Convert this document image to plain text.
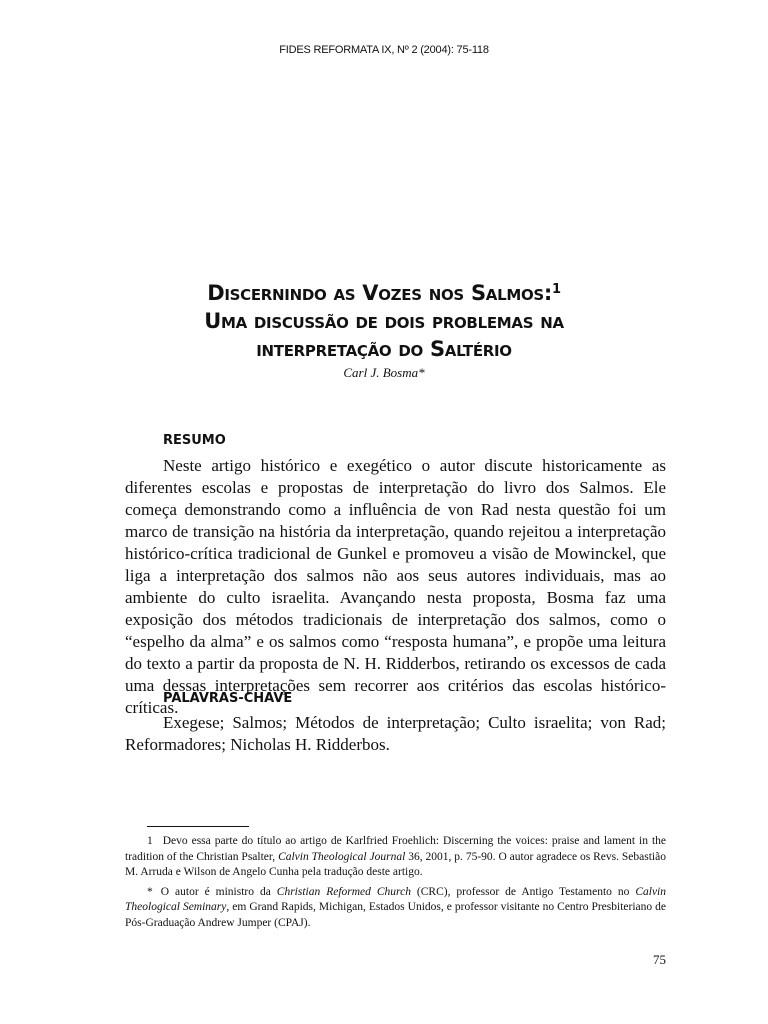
FIDES REFORMATA IX, Nº 2 (2004): 75-118
Discernindo as Vozes nos Salmos:$^1$
Uma discussão de dois problemas na
interpretação do Saltério
Carl J. Bosma*
RESUMO
Neste artigo histórico e exegético o autor discute historicamente as diferentes escolas e propostas de interpretação do livro dos Salmos. Ele começa demonstrando como a influência de von Rad nesta questão foi um marco de transição na história da interpretação, quando rejeitou a interpretação histórico-crítica tradicional de Gunkel e promoveu a visão de Mowinckel, que liga a interpretação dos salmos não aos seus autores individuais, mas ao ambiente do culto israelita. Avançando nesta proposta, Bosma faz uma exposição dos métodos tradicionais de interpretação dos salmos, como o “espelho da alma” e os salmos como “resposta humana”, e propõe uma leitura do texto a partir da proposta de N. H. Ridderbos, retirando os excessos de cada uma dessas interpretações sem recorrer aos critérios das escolas histórico-críticas.
PALAVRAS-CHAVE
Exegese; Salmos; Métodos de interpretação; Culto israelita; von Rad; Reformadores; Nicholas H. Ridderbos.

1 Devo essa parte do título ao artigo de Karlfried Froehlich: Discerning the voices: praise and lament in the tradition of the Christian Psalter, Calvin Theological Journal 36, 2001, p. 75-90. O autor agradece os Revs. Sebastião M. Arruda e Wilson de Angelo Cunha pela tradução deste artigo.

* O autor é ministro da Christian Reformed Church (CRC), professor de Antigo Testamento no Calvin Theological Seminary, em Grand Rapids, Michigan, Estados Unidos, e professor visitante no Centro Presbiteriano de Pós-Graduação Andrew Jumper (CPAJ).

75
